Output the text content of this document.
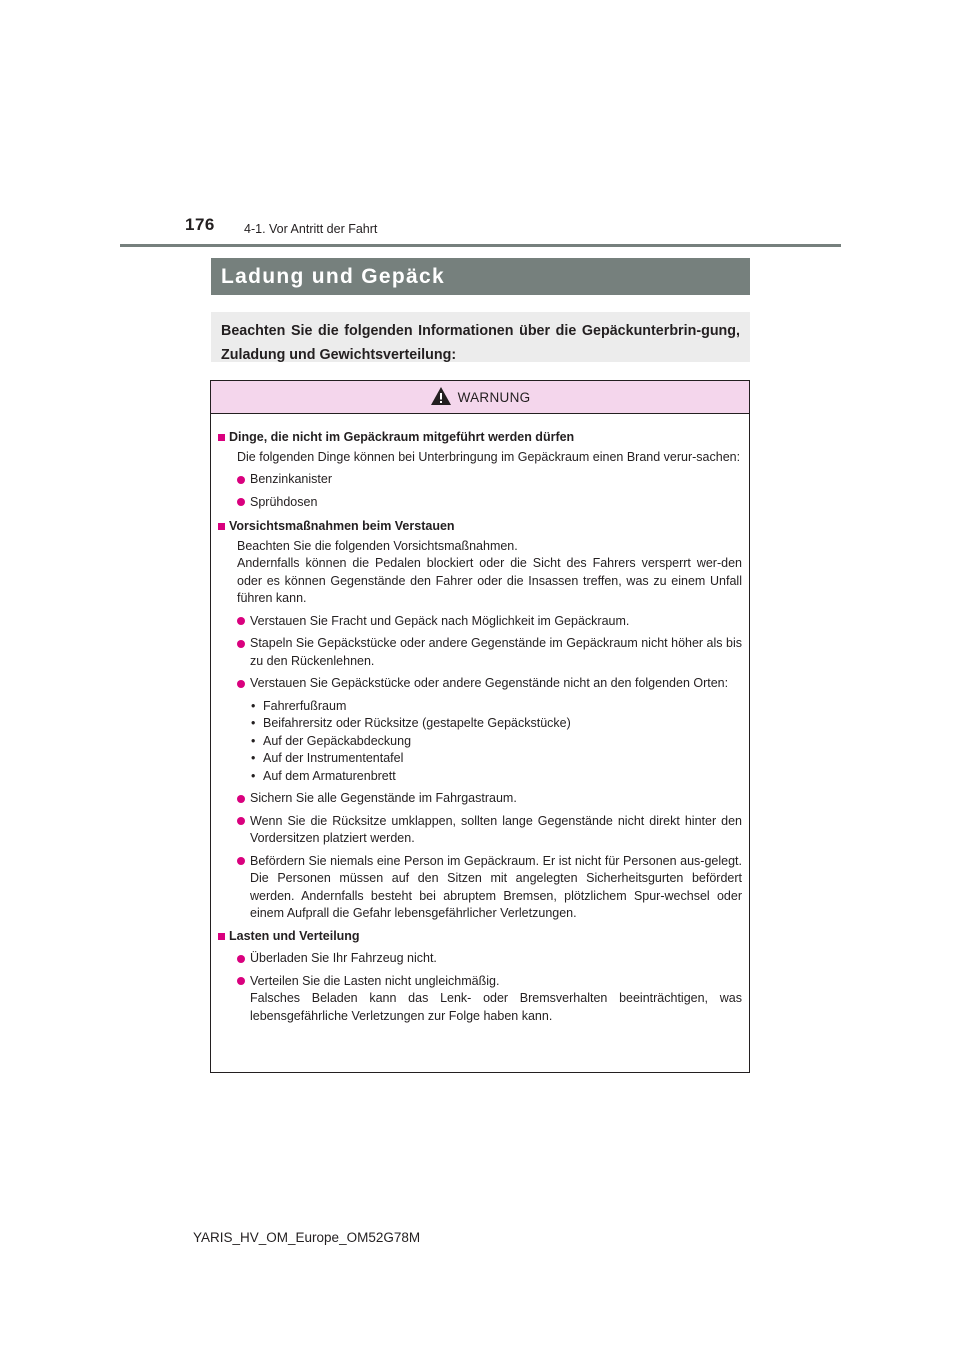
176 4-1. Vor Antritt der Fahrt
Ladung und Gepäck

Beachten Sie die folgenden Informationen über die Gepäckunterbrin-gung, Zuladung und Gewichtsverteilung:

WARNUNG
Dinge, die nicht im Gepäckraum mitgeführt werden dürfen
Die folgenden Dinge können bei Unterbringung im Gepäckraum einen Brand verur-sachen:
Benzinkanister
Sprühdosen
Vorsichtsmaßnahmen beim Verstauen
Beachten Sie die folgenden Vorsichtsmaßnahmen.
Andernfalls können die Pedalen blockiert oder die Sicht des Fahrers versperrt wer-den oder es können Gegenstände den Fahrer oder die Insassen treffen, was zu einem Unfall führen kann.
Verstauen Sie Fracht und Gepäck nach Möglichkeit im Gepäckraum.
Stapeln Sie Gepäckstücke oder andere Gegenstände im Gepäckraum nicht höher als bis zu den Rückenlehnen.
Verstauen Sie Gepäckstücke oder andere Gegenstände nicht an den folgenden Orten:
• Fahrerfußraum
• Beifahrersitz oder Rücksitze (gestapelte Gepäckstücke)
• Auf der Gepäckabdeckung
• Auf der Instrumententafel
• Auf dem Armaturenbrett
Sichern Sie alle Gegenstände im Fahrgastraum.
Wenn Sie die Rücksitze umklappen, sollten lange Gegenstände nicht direkt hinter den Vordersitzen platziert werden.
Befördern Sie niemals eine Person im Gepäckraum. Er ist nicht für Personen aus-gelegt. Die Personen müssen auf den Sitzen mit angelegten Sicherheitsgurten befördert werden. Andernfalls besteht bei abruptem Bremsen, plötzlichem Spur-wechsel oder einem Aufprall die Gefahr lebensgefährlicher Verletzungen.
Lasten und Verteilung
Überladen Sie Ihr Fahrzeug nicht.
Verteilen Sie die Lasten nicht ungleichmäßig.
Falsches Beladen kann das Lenk- oder Bremsverhalten beeinträchtigen, was lebensgefährliche Verletzungen zur Folge haben kann.
YARIS_HV_OM_Europe_OM52G78M
